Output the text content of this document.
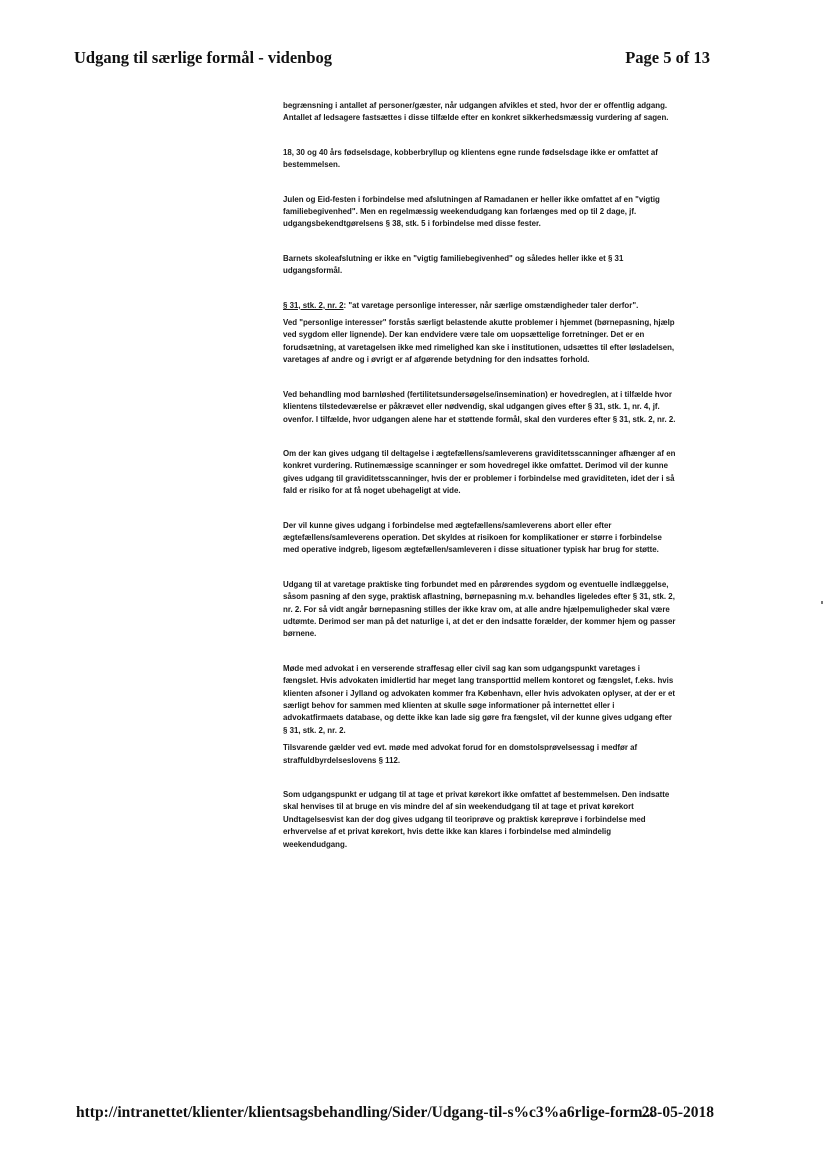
Udgang til særlige formål - videnbog	Page 5 of 13

begrænsning i antallet af personer/gæster, når udgangen afvikles et sted, hvor der er offentlig adgang. Antallet af ledsagere fastsættes i disse tilfælde efter en konkret sikkerhedsmæssig vurdering af sagen.

18, 30 og 40 års fødselsdage, kobberbryllup og klientens egne runde fødselsdage ikke er omfattet af bestemmelsen.

Julen og Eid-festen i forbindelse med afslutningen af Ramadanen er heller ikke omfattet af en "vigtig familiebegivenhed". Men en regelmæssig weekendudgang kan forlænges med op til 2 dage, jf. udgangsbekendtgørelsens § 38, stk. 5 i forbindelse med disse fester.

Barnets skoleafslutning er ikke en "vigtig familiebegivenhed" og således heller ikke et § 31 udgangsformål.

§ 31, stk. 2, nr. 2: "at varetage personlige interesser, når særlige omstændigheder taler derfor".

Ved "personlige interesser" forstås særligt belastende akutte problemer i hjemmet (børnepasning, hjælp ved sygdom eller lignende). Der kan endvidere være tale om uopsættelige forretninger. Det er en forudsætning, at varetagelsen ikke med rimelighed kan ske i institutionen, udsættes til efter løsladelsen, varetages af andre og i øvrigt er af afgørende betydning for den indsattes forhold.

Ved behandling mod barnløshed (fertilitetsundersøgelse/insemination) er hovedreglen, at i tilfælde hvor klientens tilstedeværelse er påkrævet eller nødvendig, skal udgangen gives efter § 31, stk. 1, nr. 4, jf. ovenfor. I tilfælde, hvor udgangen alene har et støttende formål, skal den vurderes efter § 31, stk. 2, nr. 2.

Om der kan gives udgang til deltagelse i ægtefællens/samleverens graviditetsscanninger afhænger af en konkret vurdering. Rutinemæssige scanninger er som hovedregel ikke omfattet. Derimod vil der kunne gives udgang til graviditetsscanninger, hvis der er problemer i forbindelse med graviditeten, idet der i så fald er risiko for at få noget ubehageligt at vide.

Der vil kunne gives udgang i forbindelse med ægtefællens/samleverens abort eller efter ægtefællens/samleverens operation. Det skyldes at risikoen for komplikationer er større i forbindelse med operative indgreb, ligesom ægtefællen/samleveren i disse situationer typisk har brug for støtte.

Udgang til at varetage praktiske ting forbundet med en pårørendes sygdom og eventuelle indlæggelse, såsom pasning af den syge, praktisk aflastning, børnepasning m.v. behandles ligeledes efter § 31, stk. 2, nr. 2. For så vidt angår børnepasning stilles der ikke krav om, at alle andre hjælpemuligheder skal være udtømte. Derimod ser man på det naturlige i, at det er den indsatte forælder, der kommer hjem og passer børnene.

Møde med advokat i en verserende straffesag eller civil sag kan som udgangspunkt varetages i fængslet. Hvis advokaten imidlertid har meget lang transporttid mellem kontoret og fængslet, f.eks. hvis klienten afsoner i Jylland og advokaten kommer fra København, eller hvis advokaten oplyser, at der er et særligt behov for sammen med klienten at skulle søge informationer på internettet eller i advokatfirmaets database, og dette ikke kan lade sig gøre fra fængslet, vil der kunne gives udgang efter § 31, stk. 2, nr. 2.

Tilsvarende gælder ved evt. møde med advokat forud for en domstolsprøvelsessag i medfør af straffuldbyrdelseslovens § 112.

Som udgangspunkt er udgang til at tage et privat kørekort ikke omfattet af bestemmelsen. Den indsatte skal henvises til at bruge en vis mindre del af sin weekendudgang til at tage et privat kørekort Undtagelsesvist kan der dog gives udgang til teoriprøve og praktisk køreprøve i forbindelse med erhvervelse af et privat kørekort, hvis dette ikke kan klares i forbindelse med almindelig weekendudgang.

http://intranettet/klienter/klientsagsbehandling/Sider/Udgang-til-s%c3%a6rlige-form...
28-05-2018
